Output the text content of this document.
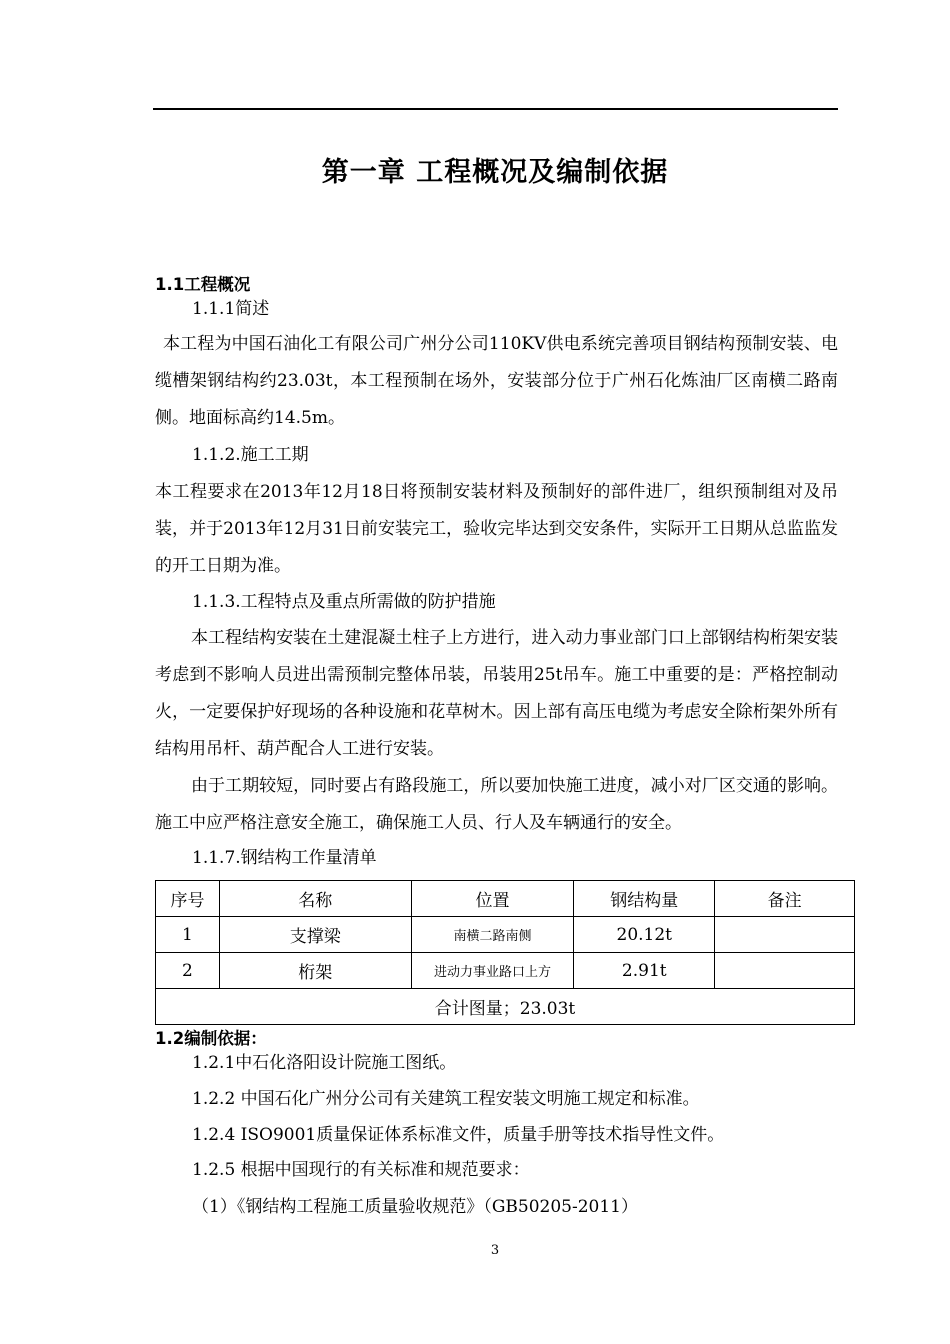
第一章 工程概况及编制依据
1.1工程概况
1.1.1简述
本工程为中国石油化工有限公司广州分公司110KV供电系统完善项目钢结构预制安装、电缆槽架钢结构约23.03t，本工程预制在场外，安装部分位于广州石化炼油厂区南横二路南侧。地面标高约14.5m。
1.1.2.施工工期
本工程要求在2013年12月18日将预制安装材料及预制好的部件进厂，组织预制组对及吊装，并于2013年12月31日前安装完工，验收完毕达到交安条件，实际开工日期从总监监发的开工日期为准。
1.1.3.工程特点及重点所需做的防护措施
本工程结构安装在土建混凝土柱子上方进行，进入动力事业部门口上部钢结构桁架安装考虑到不影响人员进出需预制完整体吊装，吊装用25t吊车。施工中重要的是：严格控制动火，一定要保护好现场的各种设施和花草树木。因上部有高压电缆为考虑安全除桁架外所有结构用吊杆、葫芦配合人工进行安装。
由于工期较短，同时要占有路段施工，所以要加快施工进度，减小对厂区交通的影响。施工中应严格注意安全施工，确保施工人员、行人及车辆通行的安全。
1.1.7.钢结构工作量清单
序号	名称	位置	钢结构量	备注
1	支撑梁	南横二路南侧	20.12t	
2	桁架	进动力事业路口上方	2.91t	
合计图量；23.03t				
1.2编制依据：
1.2.1中石化洛阳设计院施工图纸。
1.2.2 中国石化广州分公司有关建筑工程安装文明施工规定和标准。
1.2.4 ISO9001质量保证体系标准文件，质量手册等技术指导性文件。
1.2.5 根据中国现行的有关标准和规范要求：
（1）《钢结构工程施工质量验收规范》（GB50205-2011）
3
